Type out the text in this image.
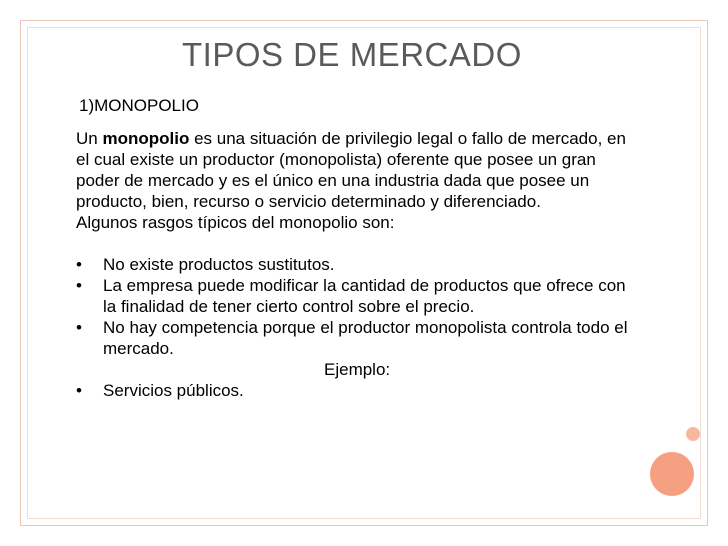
TIPOS DE MERCADO
1)MONOPOLIO

Un monopolio es una situación de privilegio legal o fallo de mercado, en el cual existe un productor (monopolista) oferente que posee un gran poder de mercado y es el único en una industria dada que posee un producto, bien, recurso o servicio determinado y diferenciado.

Algunos rasgos típicos del monopolio son:

• No existe productos sustitutos.
• La empresa puede modificar la cantidad de productos que ofrece con la finalidad de tener cierto control sobre el precio.
• No hay competencia porque el productor monopolista controla todo el mercado.

Ejemplo:

• Servicios públicos.
